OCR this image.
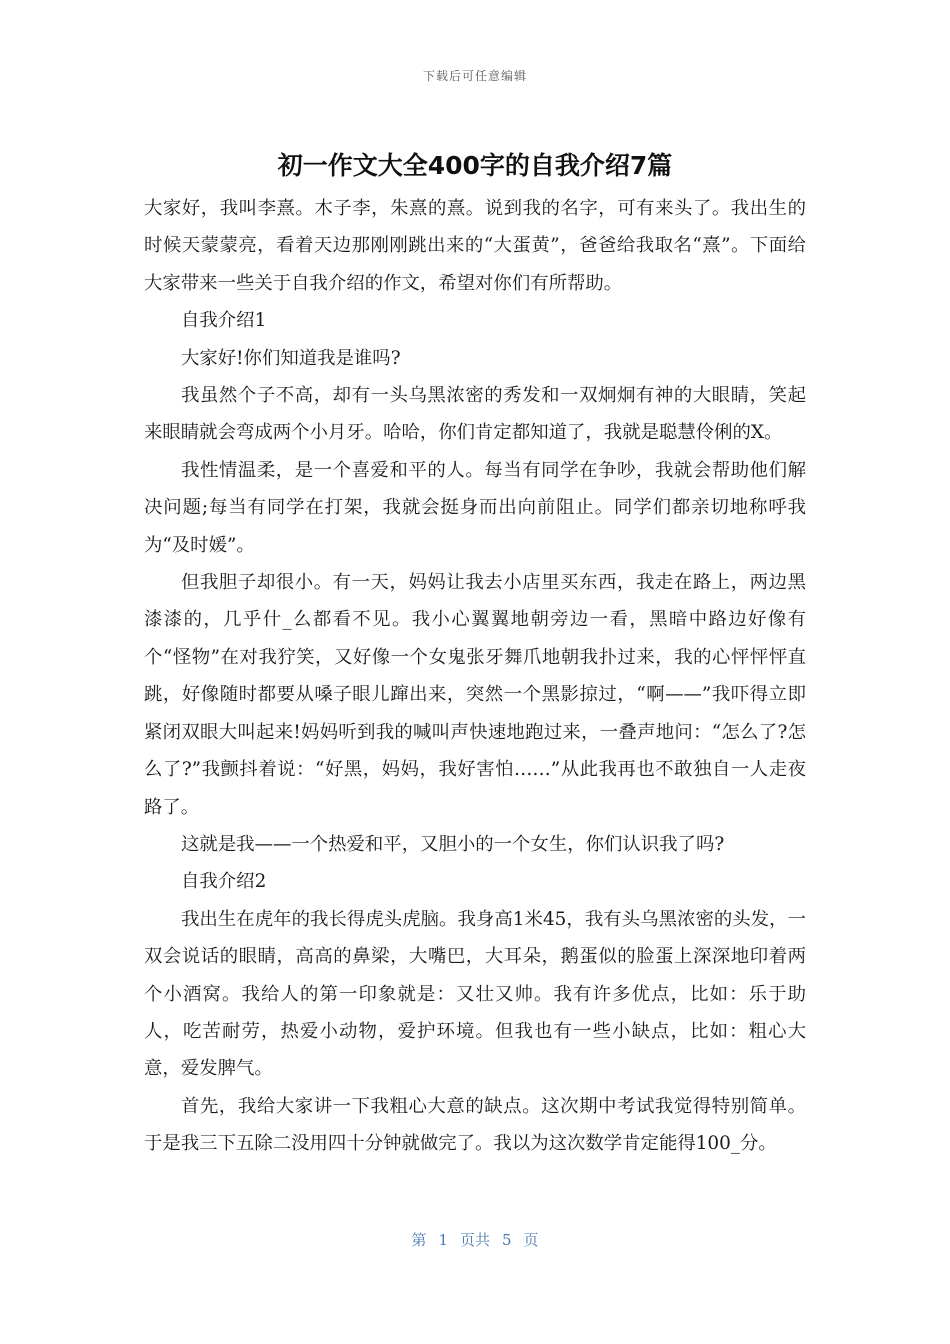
下载后可任意编辑
初一作文大全400字的自我介绍7篇

大家好，我叫李熹。木子李，朱熹的熹。说到我的名字，可有来头了。我出生的时候天蒙蒙亮，看着天边那刚刚跳出来的“大蛋黄”，爸爸给我取名“熹”。下面给大家带来一些关于自我介绍的作文，希望对你们有所帮助。

自我介绍1

大家好!你们知道我是谁吗?

我虽然个子不高，却有一头乌黑浓密的秀发和一双炯炯有神的大眼睛，笑起来眼睛就会弯成两个小月牙。哈哈，你们肯定都知道了，我就是聪慧伶俐的X。

我性情温柔，是一个喜爱和平的人。每当有同学在争吵，我就会帮助他们解决问题;每当有同学在打架，我就会挺身而出向前阻止。同学们都亲切地称呼我为“及时媛”。

但我胆子却很小。有一天，妈妈让我去小店里买东西，我走在路上，两边黑漆漆的，几乎什_么都看不见。我小心翼翼地朝旁边一看，黑暗中路边好像有个“怪物”在对我狞笑，又好像一个女鬼张牙舞爪地朝我扑过来，我的心怦怦怦直跳，好像随时都要从嗓子眼儿蹿出来，突然一个黑影掠过，“啊——”我吓得立即紧闭双眼大叫起来!妈妈听到我的喊叫声快速地跑过来，一叠声地问：“怎么了?怎么了?”我颤抖着说：“好黑，妈妈，我好害怕……”从此我再也不敢独自一人走夜路了。

这就是我——一个热爱和平，又胆小的一个女生，你们认识我了吗?

自我介绍2

我出生在虎年的我长得虎头虎脑。我身高1米45，我有头乌黑浓密的头发，一双会说话的眼睛，高高的鼻梁，大嘴巴，大耳朵，鹅蛋似的脸蛋上深深地印着两个小酒窝。我给人的第一印象就是：又壮又帅。我有许多优点，比如：乐于助人，吃苦耐劳，热爱小动物，爱护环境。但我也有一些小缺点，比如：粗心大意，爱发脾气。

首先，我给大家讲一下我粗心大意的缺点。这次期中考试我觉得特别简单。于是我三下五除二没用四十分钟就做完了。我以为这次数学肯定能得100_分。

第 1 页共 5 页
